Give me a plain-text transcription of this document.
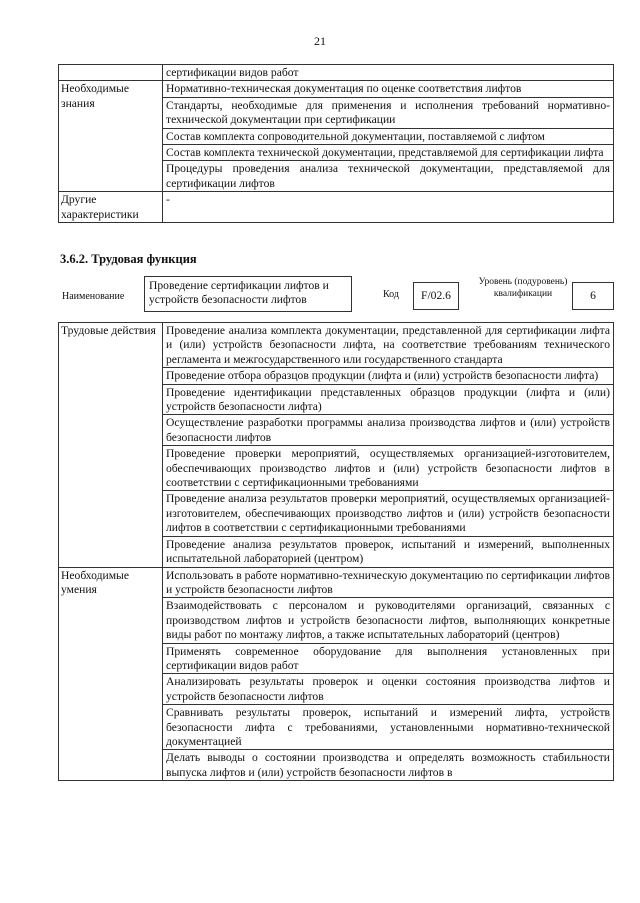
21
	сертификации видов работ
Необходимые знания	Нормативно-техническая документация по оценке соответствия лифтов
	Стандарты, необходимые для применения и исполнения требований нормативно-технической документации при сертификации
	Состав комплекта сопроводительной документации, поставляемой с лифтом
	Состав комплекта технической документации, представляемой для сертификации лифта
	Процедуры проведения анализа технической документации, представляемой для сертификации лифтов
Другие характеристики	-
3.6.2. Трудовая функция
Наименование
Проведение сертификации лифтов и устройств безопасности лифтов	Код	F/02.6
Уровень (подуровень) квалификации	6
Трудовые действия	Проведение анализа комплекта документации, представленной для сертификации лифта и (или) устройств безопасности лифта, на соответствие требованиям технического регламента и межгосударственного или государственного стандарта
	Проведение отбора образцов продукции (лифта и (или) устройств безопасности лифта)
	Проведение идентификации представленных образцов продукции (лифта и (или) устройств безопасности лифта)
	Осуществление разработки программы анализа производства лифтов и (или) устройств безопасности лифтов
	Проведение проверки мероприятий, осуществляемых организацией-изготовителем, обеспечивающих производство лифтов и (или) устройств безопасности лифтов в соответствии с сертификационными требованиями
	Проведение анализа результатов проверки мероприятий, осуществляемых организацией-изготовителем, обеспечивающих производство лифтов и (или) устройств безопасности лифтов в соответствии с сертификационными требованиями
	Проведение анализа результатов проверок, испытаний и измерений, выполненных испытательной лабораторией (центром)
Необходимые умения	Использовать в работе нормативно-техническую документацию по сертификации лифтов и устройств безопасности лифтов
	Взаимодействовать с персоналом и руководителями организаций, связанных с производством лифтов и устройств безопасности лифтов, выполняющих конкретные виды работ по монтажу лифтов, а также испытательных лабораторий (центров)
	Применять современное оборудование для выполнения установленных при сертификации видов работ
	Анализировать результаты проверок и оценки состояния производства лифтов и устройств безопасности лифтов
	Сравнивать результаты проверок, испытаний и измерений лифта, устройств безопасности лифта с требованиями, установленными нормативно-технической документацией
	Делать выводы о состоянии производства и определять возможность стабильности выпуска лифтов и (или) устройств безопасности лифтов в
